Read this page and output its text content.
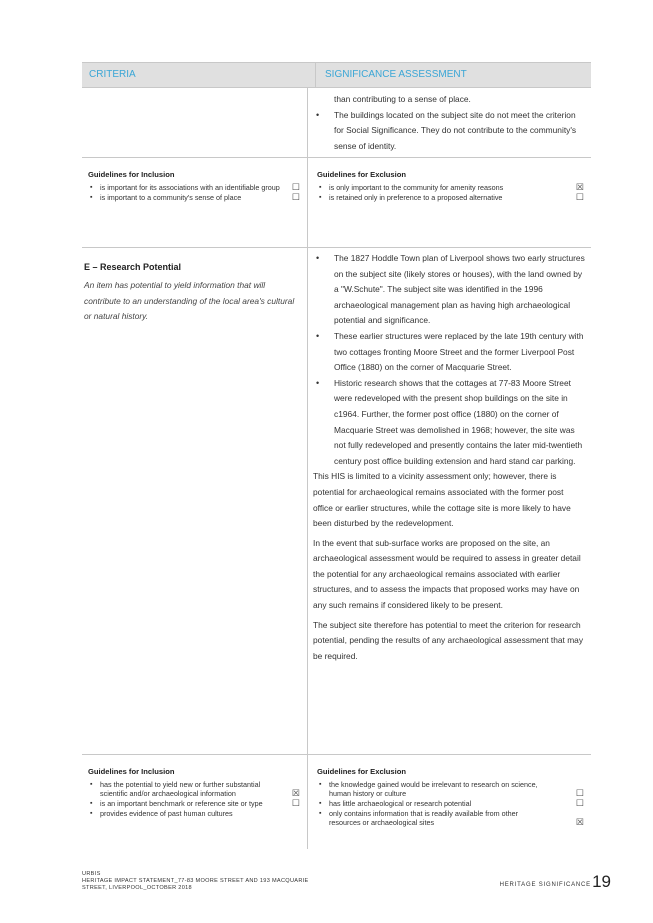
CRITERIA	SIGNIFICANCE ASSESSMENT
than contributing to a sense of place.
• The buildings located on the subject site do not meet the criterion for Social Significance. They do not contribute to the community's sense of identity.
Guidelines for Inclusion
▪ is important for its associations with an identifiable group ☐
▪ is important to a community's sense of place	☐
Guidelines for Exclusion
▪ is only important to the community for amenity reasons	☒
▪ is retained only in preference to a proposed alternative	☐
E – Research Potential
An item has potential to yield information that will contribute to an understanding of the local area's cultural or natural history.
• The 1827 Hoddle Town plan of Liverpool shows two early structures on the subject site (likely stores or houses), with the land owned by a "W.Schute". The subject site was identified in the 1996 archaeological management plan as having high archaeological potential and significance.
• These earlier structures were replaced by the late 19th century with two cottages fronting Moore Street and the former Liverpool Post Office (1880) on the corner of Macquarie Street.
• Historic research shows that the cottages at 77-83 Moore Street were redeveloped with the present shop buildings on the site in c1964. Further, the former post office (1880) on the corner of Macquarie Street was demolished in 1968; however, the site was not fully redeveloped and presently contains the later mid-twentieth century post office building extension and hard stand car parking.
This HIS is limited to a vicinity assessment only; however, there is potential for archaeological remains associated with the former post office or earlier structures, while the cottage site is more likely to have been disturbed by the redevelopment.
In the event that sub-surface works are proposed on the site, an archaeological assessment would be required to assess in greater detail the potential for any archaeological remains associated with earlier structures, and to assess the impacts that proposed works may have on any such remains if considered likely to be present.
The subject site therefore has potential to meet the criterion for research potential, pending the results of any archaeological assessment that may be required.
Guidelines for Inclusion
▪ has the potential to yield new or further substantial scientific and/or archaeological information	☒
▪ is an important benchmark or reference site or type	☐
▪ provides evidence of past human cultures
Guidelines for Exclusion
▪ the knowledge gained would be irrelevant to research on science, human history or culture	☐
▪ has little archaeological or research potential	☐
▪ only contains information that is readily available from other resources or archaeological sites	☒
URBIS
HERITAGE IMPACT STATEMENT_77-83 MOORE STREET AND 193 MACQUARIE
STREET, LIVERPOOL_OCTOBER 2018
HERITAGE SIGNIFICANCE 19
